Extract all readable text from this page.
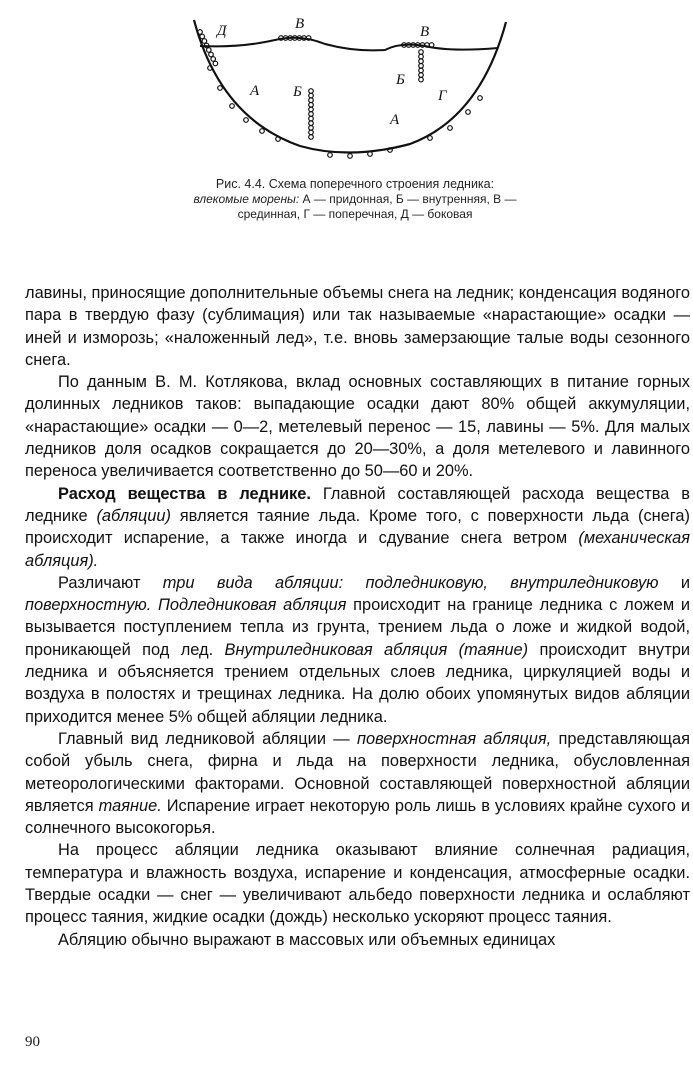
Д	В	В
Б
Б
А
А
Г
Рис. 4.4. Схема поперечного строения ледника:
влекомые морены: А — придонная, Б — внутренняя, В — срединная, Г — поперечная, Д — боковая

лавины, приносящие дополнительные объемы снега на ледник; конденсация водяного пара в твердую фазу (сублимация) или так называемые «нарастающие» осадки — иней и изморозь; «наложенный лед», т.е. вновь замерзающие талые воды сезонного снега.

По данным В. М. Котлякова, вклад основных составляющих в питание горных долинных ледников таков: выпадающие осадки дают 80% общей аккумуляции, «нарастающие» осадки — 0—2, метелевый перенос — 15, лавины — 5%. Для малых ледников доля осадков сокращается до 20—30%, а доля метелевого и лавинного переноса увеличивается соответственно до 50—60 и 20%.

Расход вещества в леднике. Главной составляющей расхода вещества в леднике (абляции) является таяние льда. Кроме того, с поверхности льда (снега) происходит испарение, а также иногда и сдувание снега ветром (механическая абляция).

Различают три вида абляции: подледниковую, внутриледниковую и поверхностную. Подледниковая абляция происходит на границе ледника с ложем и вызывается поступлением тепла из грунта, трением льда о ложе и жидкой водой, проникающей под лед. Внутриледниковая абляция (таяние) происходит внутри ледника и объясняется трением отдельных слоев ледника, циркуляцией воды и воздуха в полостях и трещинах ледника. На долю обоих упомянутых видов абляции приходится менее 5% общей абляции ледника.

Главный вид ледниковой абляции — поверхностная абляция, представляющая собой убыль снега, фирна и льда на поверхности ледника, обусловленная метеорологическими факторами. Основной составляющей поверхностной абляции является таяние. Испарение играет некоторую роль лишь в условиях крайне сухого и солнечного высокогорья.

На процесс абляции ледника оказывают влияние солнечная радиация, температура и влажность воздуха, испарение и конденсация, атмосферные осадки. Твердые осадки — снег — увеличивают альбедо поверхности ледника и ослабляют процесс таяния, жидкие осадки (дождь) несколько ускоряют процесс таяния.

Абляцию обычно выражают в массовых или объемных единицах

90
